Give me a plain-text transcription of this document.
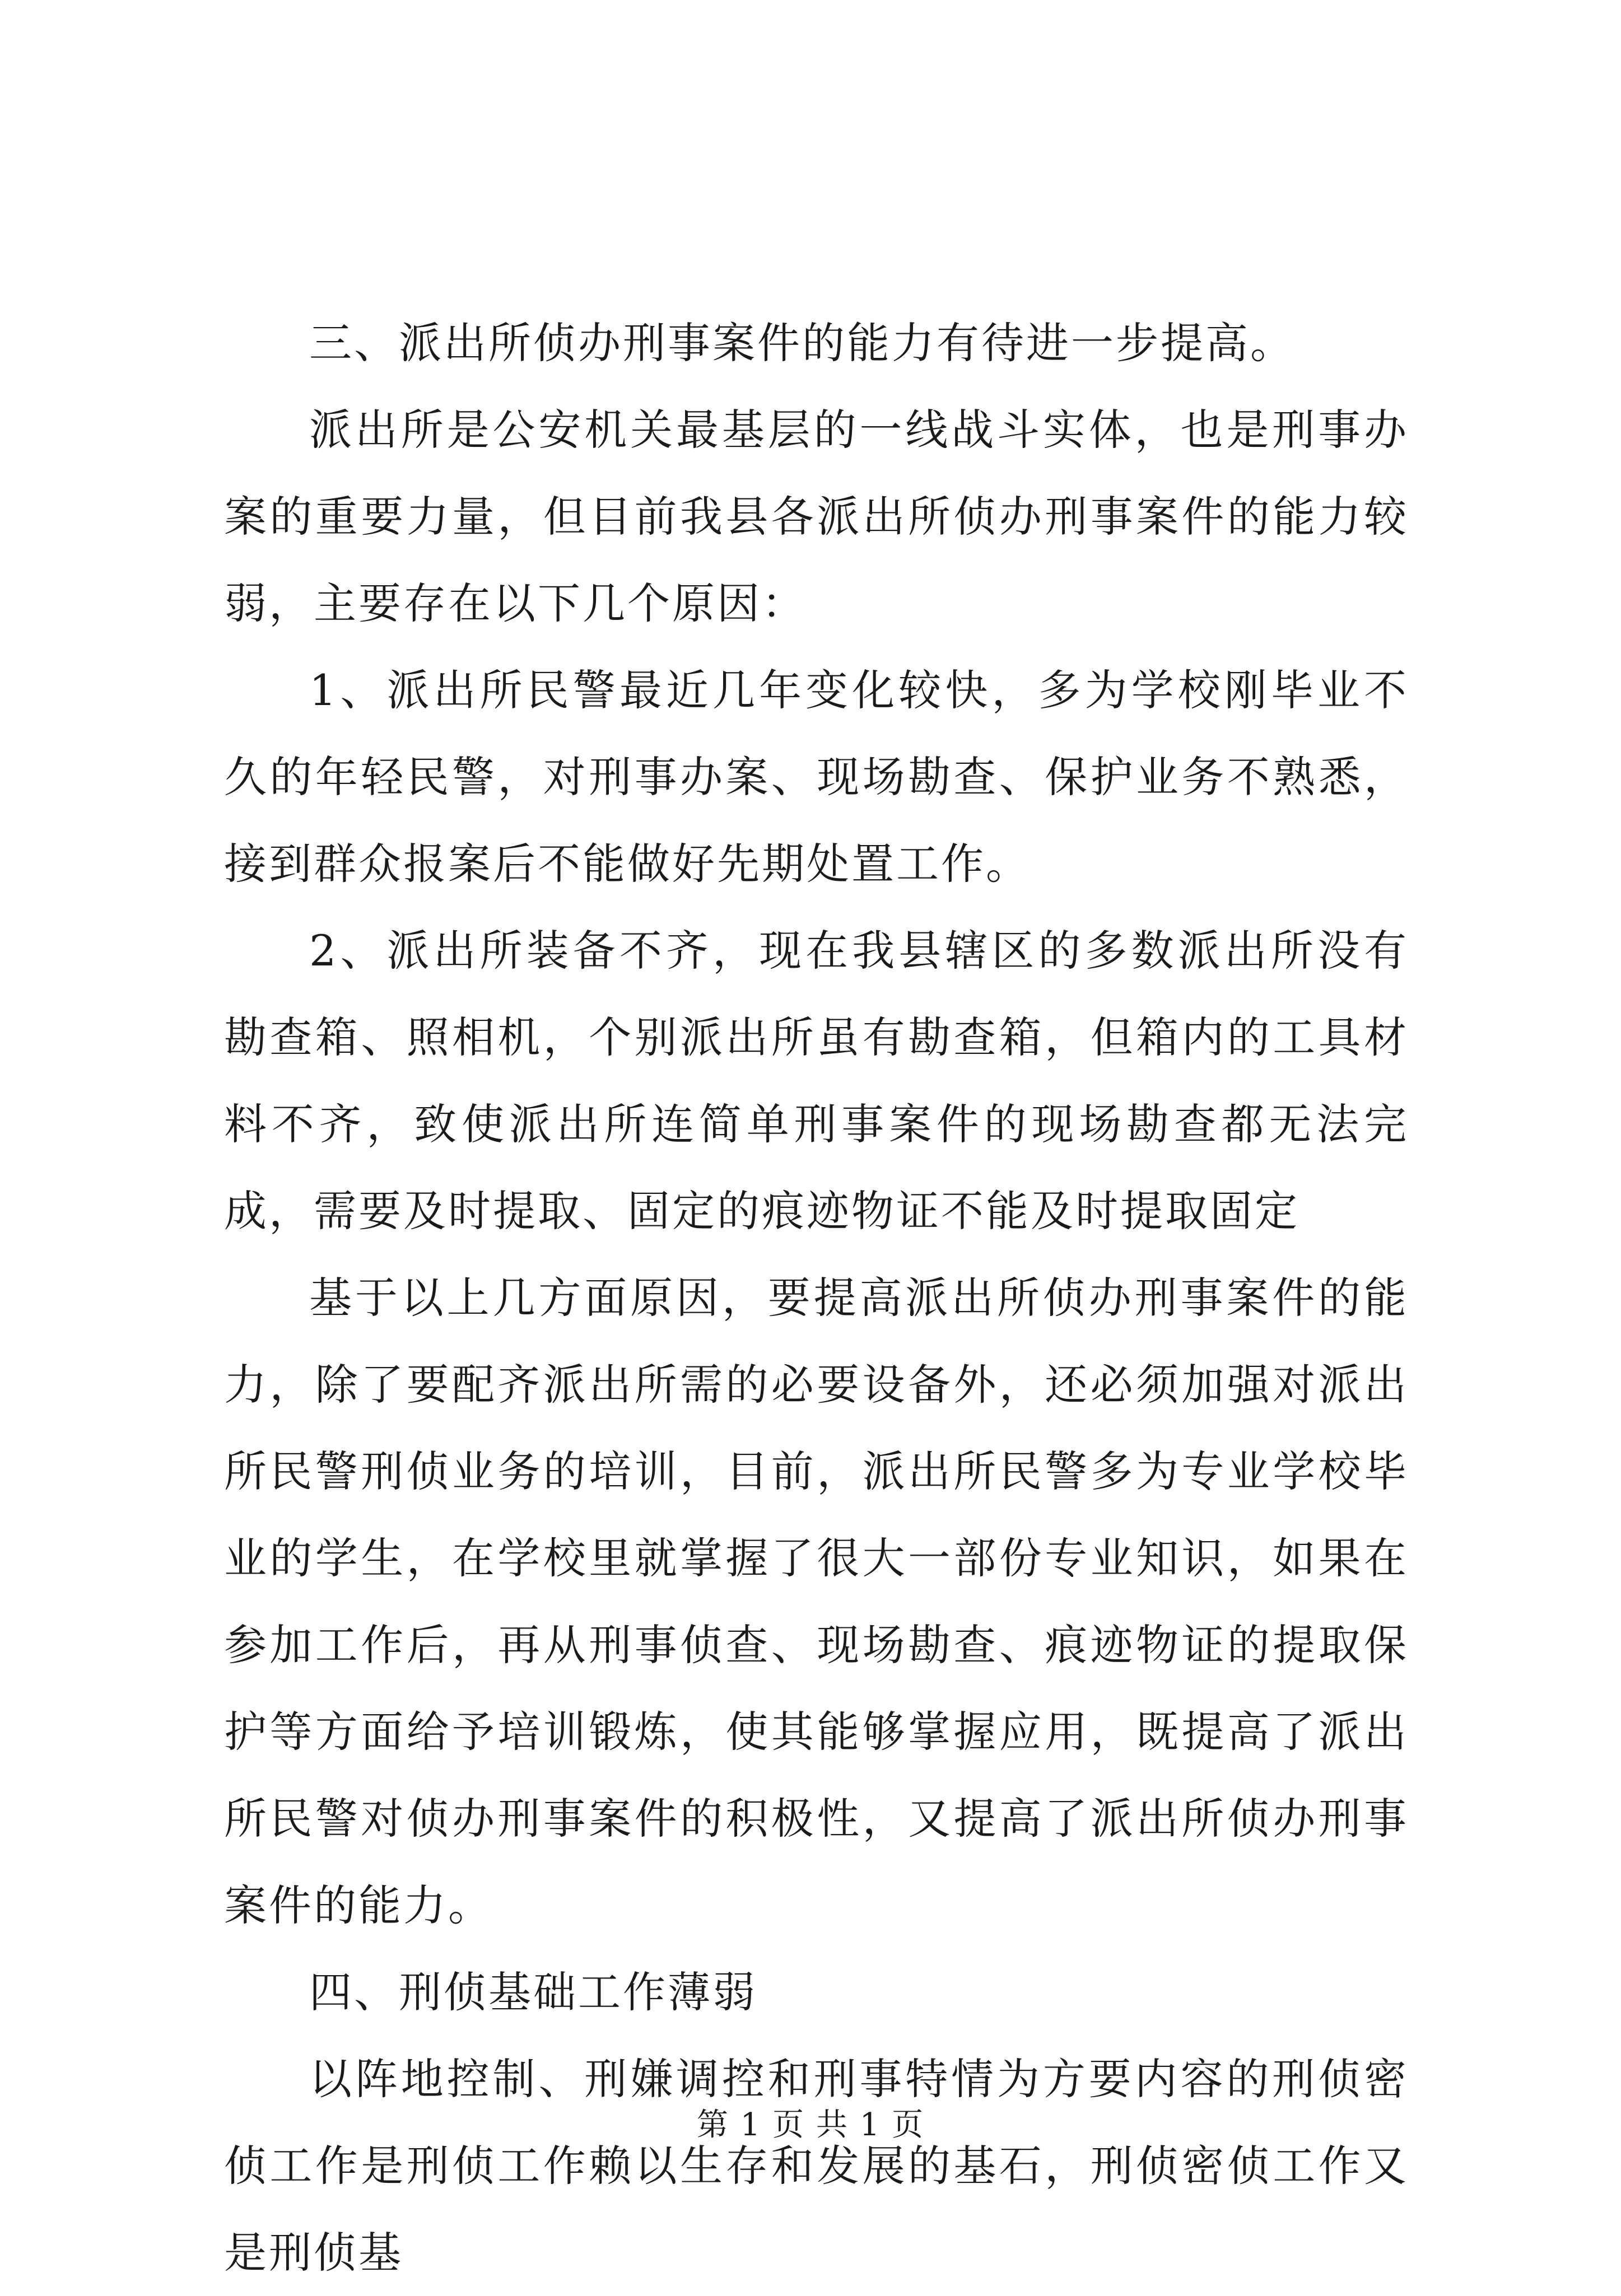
三、派出所侦办刑事案件的能力有待进一步提高。

派出所是公安机关最基层的一线战斗实体，也是刑事办案的重要力量，但目前我县各派出所侦办刑事案件的能力较弱，主要存在以下几个原因：

1、派出所民警最近几年变化较快，多为学校刚毕业不久的年轻民警，对刑事办案、现场勘查、保护业务不熟悉，接到群众报案后不能做好先期处置工作。

2、派出所装备不齐，现在我县辖区的多数派出所没有勘查箱、照相机，个别派出所虽有勘查箱，但箱内的工具材料不齐，致使派出所连简单刑事案件的现场勘查都无法完成，需要及时提取、固定的痕迹物证不能及时提取固定

基于以上几方面原因，要提高派出所侦办刑事案件的能力，除了要配齐派出所需的必要设备外，还必须加强对派出所民警刑侦业务的培训，目前，派出所民警多为专业学校毕业的学生，在学校里就掌握了很大一部份专业知识，如果在参加工作后，再从刑事侦查、现场勘查、痕迹物证的提取保护等方面给予培训锻炼，使其能够掌握应用，既提高了派出所民警对侦办刑事案件的积极性，又提高了派出所侦办刑事案件的能力。

四、刑侦基础工作薄弱

以阵地控制、刑嫌调控和刑事特情为方要内容的刑侦密侦工作是刑侦工作赖以生存和发展的基石，刑侦密侦工作又是刑侦基

第 1 页 共 1 页
